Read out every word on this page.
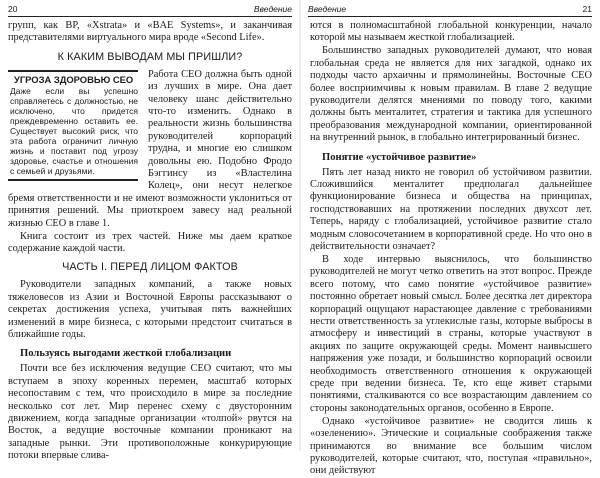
20	Введение

групп, как BP, «Xstrata» и «BAE Systems», и заканчивая представителями виртуального мира вроде «Second Life».

К КАКИМ ВЫВОДАМ МЫ ПРИШЛИ?
УГРОЗА ЗДОРОВЬЮ CEO

Даже если вы успешно справляетесь с должностью, не исключено, что придется преждевременно оставить ее. Существует высокий риск, что эта работа ограничит личную жизнь и поставит под угрозу здоровье, счастье и отношения с семьей и друзьями.

Работа CEO должна быть одной из лучших в мире. Она дает человеку шанс действительно что-то изменить. Однако в реальности жизнь большинства руководителей корпораций трудна, и многие ею слишком довольны ею. Подобно Фродо Бэггинсу из «Властелина Колец», они несут нелегкое бремя ответственности и не имеют возможности уклониться от принятия решений. Мы приоткроем завесу над реальной жизнью CEO в главе 1.

Книга состоит из трех частей. Ниже мы даем краткое содержание каждой части.

ЧАСТЬ I. ПЕРЕД ЛИЦОМ ФАКТОВ

Руководители западных компаний, а также новых тяжеловесов из Азии и Восточной Европы рассказывают о секретах достижения успеха, учитывая пять важнейших изменений в мире бизнеса, с которыми предстоит считаться в ближайшие годы.

Пользуясь выгодами жесткой глобализации

Почти все без исключения ведущие CEO считают, что мы вступаем в эпоху коренных перемен, масштаб которых несопоставим с тем, что происходило в мире за последние несколько сот лет. Мир перенес схему с двусторонним движением, когда западные организации «толпой» рвутся на Восток, а ведущие восточные компании проникают на западные рынки. Эти противоположные конкурирующие потоки впервые слива-

Введение	21

ются в полномасштабной глобальной конкуренции, начало которой мы называем жесткой глобализацией.

Большинство западных руководителей думают, что новая глобальная среда не является для них загадкой, однако их подходы часто архаичны и прямолинейны. Восточные CEO более восприимчивы к новым правилам. В главе 2 ведущие руководители делятся мнениями по поводу того, какими должны быть менталитет, стратегия и тактика для успешного преобразования международной компании, ориентированной на внутренний рынок, в глобально интегрированный бизнес.

Понятие «устойчивое развитие»

Пять лет назад никто не говорил об устойчивом развитии. Сложившийся менталитет предполагал дальнейшее функционирование бизнеса и общества на принципах, господствовавших на протяжении последних двухсот лет. Теперь, наряду с глобализацией, устойчивое развитие стало модным словосочетанием в корпоративной среде. Но что оно в действительности означает?

В ходе интервью выяснилось, что большинство руководителей не могут четко ответить на этот вопрос. Прежде всего потому, что само понятие «устойчивое развитие» постоянно обретает новый смысл. Более десятка лет директора корпораций ощущают нарастающее давление с требованиями нести ответственность за углекислые газы, которые выбросы в атмосферу и инвестиций в страны, которые участвуют в акциях по защите окружающей среды. Момент наивысшего напряжения уже позади, и большинство корпораций освоили необходимость ответственного отношения к окружающей среде при ведении бизнеса. Те, кто еще живет старыми понятиями, сталкиваются со все возрастающим давлением со стороны законодательных органов, особенно в Европе.

Однако «устойчивое развитие» не сводится лишь к «озеленению». Этические и социальные соображения также принимаются во внимание все большим числом руководителей, которые считают, что, поступая «правильно», они действуют
